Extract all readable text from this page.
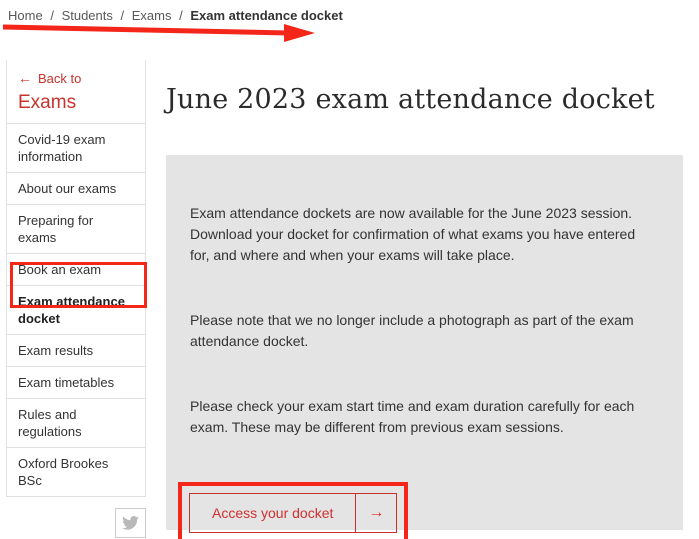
Home / Students / Exams / Exam attendance docket
← Back to
Exams
Covid-19 exam information
About our exams
Preparing for exams
Book an exam
Exam attendance docket
Exam results
Exam timetables
Rules and regulations
Oxford Brookes BSc
June 2023 exam attendance docket

Exam attendance dockets are now available for the June 2023 session. Download your docket for confirmation of what exams you have entered for, and where and when your exams will take place.

Please note that we no longer include a photograph as part of the exam attendance docket.

Please check your exam start time and exam duration carefully for each exam. These may be different from previous exam sessions.

Access your docket	→
